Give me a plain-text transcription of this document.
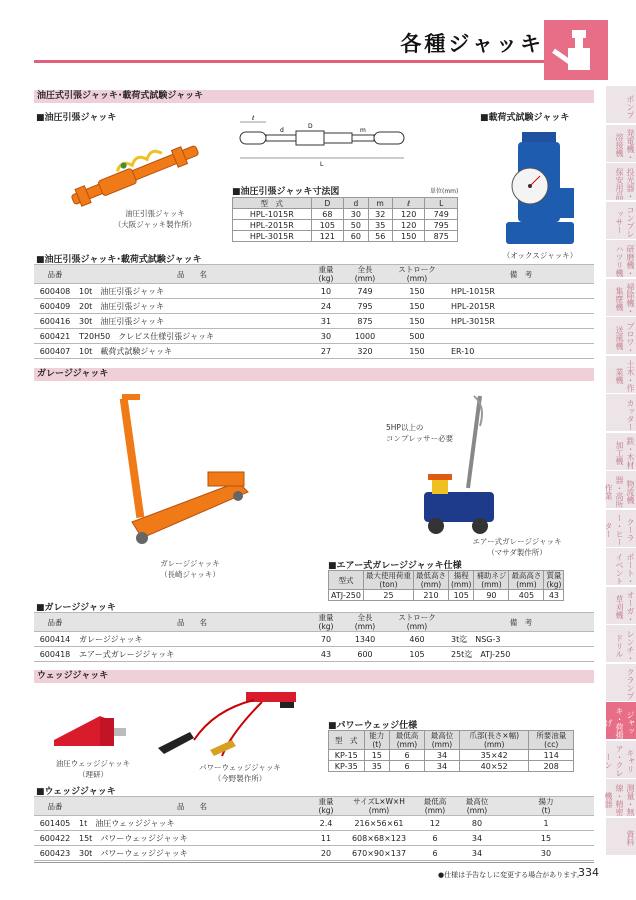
各種ジャッキ
油圧式引張ジャッキ･載荷式試験ジャッキ
■油圧引張ジャッキ	■載荷式試験ジャッキ
油圧引張ジャッキ
（大阪ジャッキ製作所）
ℓ
D
d	m
L
■油圧引張ジャッキ寸法図	単位(mm)
型　式	D	d	m	ℓ	L
HPL-1015R	68	30	32	120	749
HPL-2015R	105	50	35	120	795
HPL-3015R	121	60	56	150	875
（オックスジャッキ）
■油圧引張ジャッキ･載荷式試験ジャッキ
品番	品　　名	重量
(kg)	全長
(mm)	ストローク
(mm)	備　考
600408	10t　油圧引張ジャッキ	10	749	150	HPL-1015R
600409	20t　油圧引張ジャッキ	24	795	150	HPL-2015R
600416	30t　油圧引張ジャッキ	31	875	150	HPL-3015R
600421	T20H50　クレビス仕様引張ジャッキ	30	1000	500	
600407	10t　載荷式試験ジャッキ	27	320	150	ER-10
ガレージジャッキ
ガレージジャッキ
（長崎ジャッキ）
5HP以上の
コンプレッサー必要
エアー式ガレージジャッキ
（マサダ製作所）
■エアー式ガレージジャッキ仕様
型式	最大使用荷重
(ton)	最低高さ
(mm)	揚程
(mm)	補助ネジ
(mm)	最高高さ
(mm)	質量
(kg)
ATJ-250	25	210	105	90	405	43
■ガレージジャッキ
品番	品　　名	重量
(kg)	全長
(mm)	ストローク
(mm)	備　考
600414	ガレージジャッキ	70	1340	460	3t迄　NSG-3
600418	エアー式ガレージジャッキ	43	600	105	25t迄　ATJ-250
ウェッジジャッキ
油圧ウェッジジャッキ
（理研）
パワーウェッジジャッキ
（今野製作所）
■パワーウェッジ仕様
型　式	能力
(t)	最低高
(mm)	最高位
(mm)	爪部(長さ×幅)
(mm)	所要油量
(cc)
KP-15	15	6	34	35×42	114
KP-35	35	6	34	40×52	208
■ウェッジジャッキ
品番	品　　名	重量
(kg)	サイズL×W×H
(mm)	最低高
(mm)	最高位
(mm)	揚力
(t)
601405	1t　油圧ウェッジジャッキ	2.4	216×56×61	12	80	1
600422	15t　パワーウェッジジャッキ	11	608×68×123	6	34	15
600423	30t　パワーウェッジジャッキ	20	670×90×137	6	34	30
●仕様は予告なしに変更する場合があります。
334
ポンプ
発電機・溶接機
投光器・保安用品
コンプレッサー
研磨機・ハツリ機
掃除機・集塵機
ブロワ・送風機
土木・作業機
カッター
鉄・木材加工機
物流機器・高所作業
クーラー・ヒーター
ポート・イベント
オーガ・草刈機
レンチ・ドリル
クランプ
ジャッキ・荷揚げ
キャリア・クレーン
測量・無線・精密機器
資料
